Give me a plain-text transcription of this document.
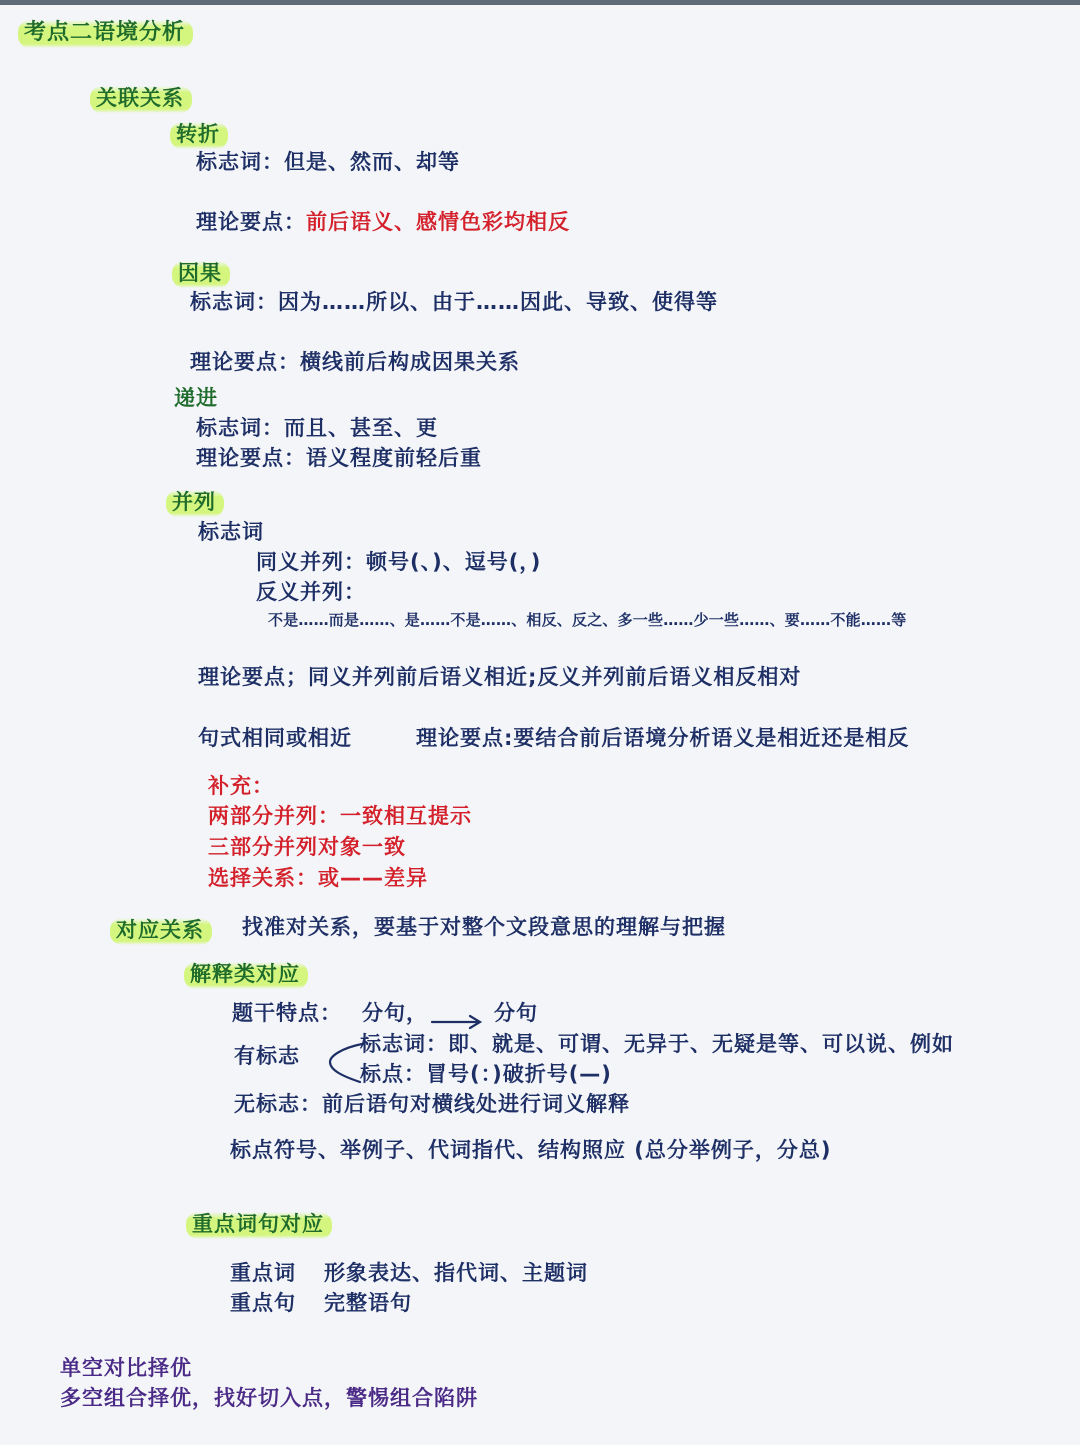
考点二语境分析
关联关系
转折
标志词：但是、然而、却等
理论要点：前后语义、感情色彩均相反
因果
标志词：因为……所以、由于……因此、导致、使得等
理论要点：横线前后构成因果关系
递进
标志词：而且、甚至、更
理论要点：语义程度前轻后重
并列
标志词
同义并列：顿号(、)、逗号(，)
反义并列：
不是……而是……、是……不是……、相反、反之、多一些……少一些……、要……不能……等
理论要点；同义并列前后语义相近;反义并列前后语义相反相对
句式相同或相近	理论要点:要结合前后语境分析语义是相近还是相反
补充：
两部分并列：一致相互提示
三部分并列对象一致
选择关系：或——差异
对应关系	找准对关系，要基于对整个文段意思的理解与把握
解释类对应
题干特点： 分句，	分句
有标志	标志词：即、就是、可谓、无异于、无疑是等、可以说、例如
标点：冒号(：)破折号(—)
无标志：前后语句对横线处进行词义解释
标点符号、举例子、代词指代、结构照应 (总分举例子，分总)
重点词句对应
重点词 形象表达、指代词、主题词
重点句 完整语句
单空对比择优
多空组合择优，找好切入点，警惕组合陷阱
